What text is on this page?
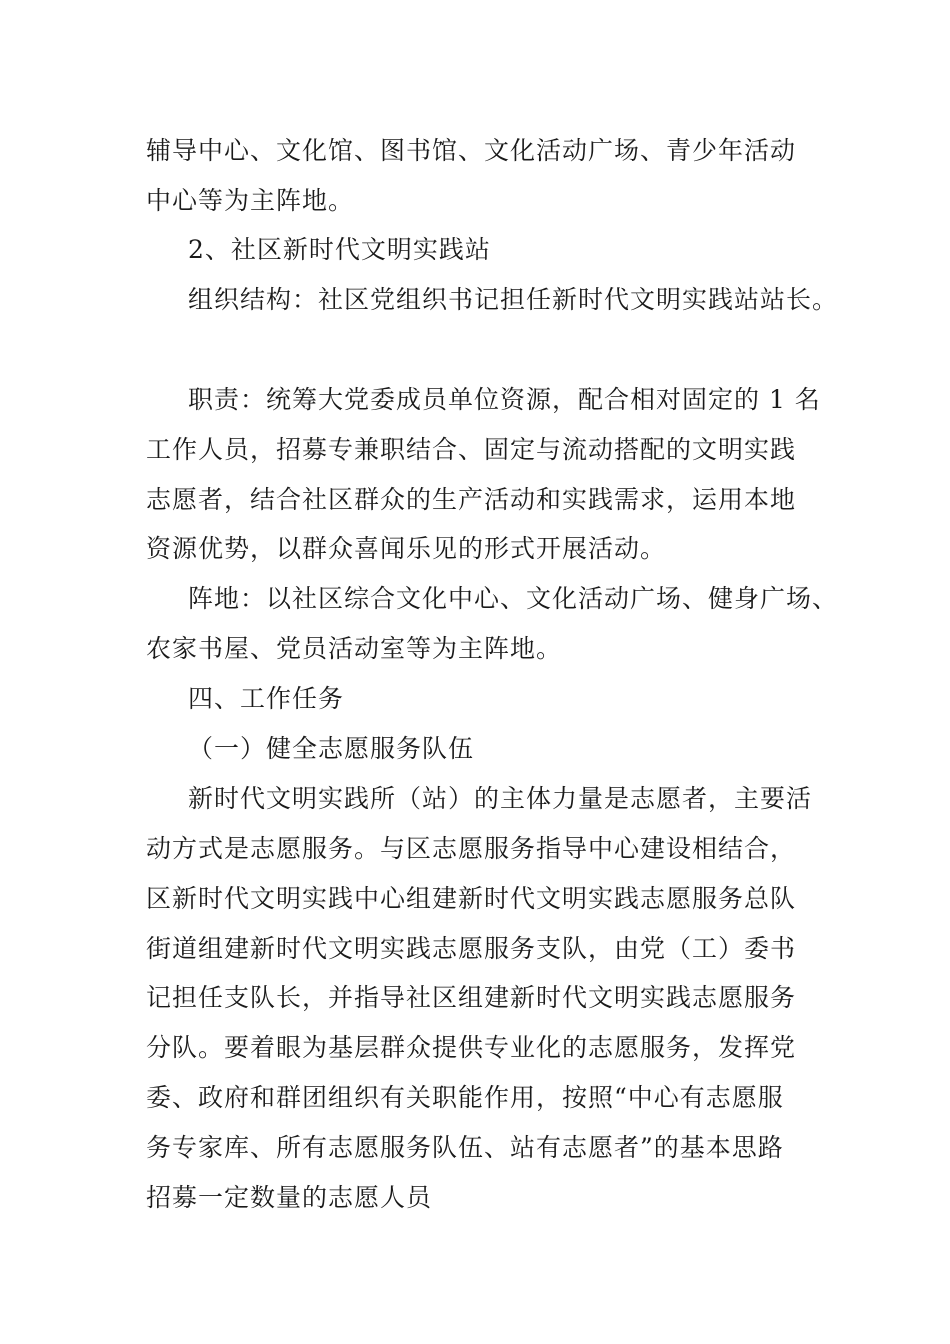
辅导中心、文化馆、图书馆、文化活动广场、青少年活动
中心等为主阵地。
2、社区新时代文明实践站
组织结构：社区党组织书记担任新时代文明实践站站长。
职责：统筹大党委成员单位资源，配合相对固定的 1 名
工作人员，招募专兼职结合、固定与流动搭配的文明实践
志愿者，结合社区群众的生产活动和实践需求，运用本地
资源优势，以群众喜闻乐见的形式开展活动。
阵地：以社区综合文化中心、文化活动广场、健身广场、
农家书屋、党员活动室等为主阵地。
四、工作任务
（一）健全志愿服务队伍
新时代文明实践所（站）的主体力量是志愿者，主要活
动方式是志愿服务。与区志愿服务指导中心建设相结合，
区新时代文明实践中心组建新时代文明实践志愿服务总队
街道组建新时代文明实践志愿服务支队，由党（工）委书
记担任支队长，并指导社区组建新时代文明实践志愿服务
分队。要着眼为基层群众提供专业化的志愿服务，发挥党
委、政府和群团组织有关职能作用，按照“中心有志愿服
务专家库、所有志愿服务队伍、站有志愿者”的基本思路
招募一定数量的志愿人员
